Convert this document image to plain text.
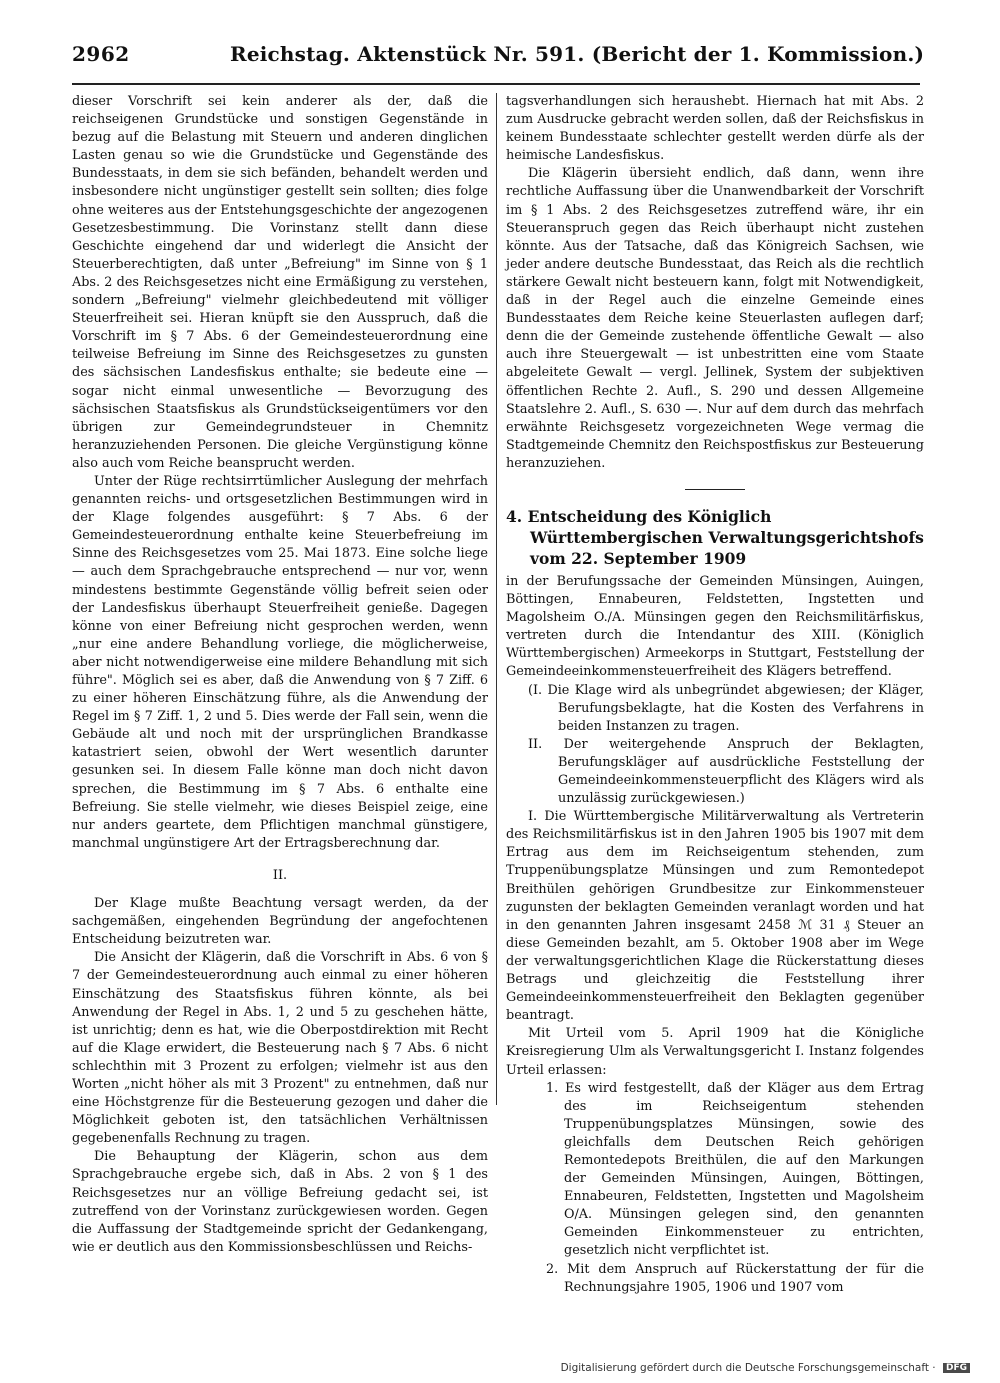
2962	Reichstag. Aktenstück Nr. 591. (Bericht der 1. Kommission.)

dieser Vorschrift sei kein anderer als der, daß die reichseigenen Grundstücke und sonstigen Gegenstände in bezug auf die Belastung mit Steuern und anderen dinglichen Lasten genau so wie die Grundstücke und Gegenstände des Bundesstaats, in dem sie sich befänden, behandelt werden und insbesondere nicht ungünstiger gestellt sein sollten; dies folge ohne weiteres aus der Entstehungsgeschichte der angezogenen Gesetzesbestimmung. Die Vorinstanz stellt dann diese Geschichte eingehend dar und widerlegt die Ansicht der Steuerberechtigten, daß unter „Befreiung" im Sinne von § 1 Abs. 2 des Reichsgesetzes nicht eine Ermäßigung zu verstehen, sondern „Befreiung" vielmehr gleichbedeutend mit völliger Steuerfreiheit sei. Hieran knüpft sie den Ausspruch, daß die Vorschrift im § 7 Abs. 6 der Gemeindesteuerordnung eine teilweise Befreiung im Sinne des Reichsgesetzes zu gunsten des sächsischen Landesfiskus enthalte; sie bedeute eine — sogar nicht einmal unwesentliche — Bevorzugung des sächsischen Staatsfiskus als Grundstückseigentümers vor den übrigen zur Gemeindegrundsteuer in Chemnitz heranzuziehenden Personen. Die gleiche Vergünstigung könne also auch vom Reiche beansprucht werden.

Unter der Rüge rechtsirrtümlicher Auslegung der mehrfach genannten reichs- und ortsgesetzlichen Bestimmungen wird in der Klage folgendes ausgeführt: § 7 Abs. 6 der Gemeindesteuerordnung enthalte keine Steuerbefreiung im Sinne des Reichsgesetzes vom 25. Mai 1873. Eine solche liege — auch dem Sprachgebrauche entsprechend — nur vor, wenn mindestens bestimmte Gegenstände völlig befreit seien oder der Landesfiskus überhaupt Steuerfreiheit genieße. Dagegen könne von einer Befreiung nicht gesprochen werden, wenn „nur eine andere Behandlung vorliege, die möglicherweise, aber nicht notwendigerweise eine mildere Behandlung mit sich führe". Möglich sei es aber, daß die Anwendung von § 7 Ziff. 6 zu einer höheren Einschätzung führe, als die Anwendung der Regel im § 7 Ziff. 1, 2 und 5. Dies werde der Fall sein, wenn die Gebäude alt und noch mit der ursprünglichen Brandkasse katastriert seien, obwohl der Wert wesentlich darunter gesunken sei. In diesem Falle könne man doch nicht davon sprechen, die Bestimmung im § 7 Abs. 6 enthalte eine Befreiung. Sie stelle vielmehr, wie dieses Beispiel zeige, eine nur anders geartete, dem Pflichtigen manchmal günstigere, manchmal ungünstigere Art der Ertragsberechnung dar.

II.

Der Klage mußte Beachtung versagt werden, da der sachgemäßen, eingehenden Begründung der angefochtenen Entscheidung beizutreten war.

Die Ansicht der Klägerin, daß die Vorschrift in Abs. 6 von § 7 der Gemeindesteuerordnung auch einmal zu einer höheren Einschätzung des Staatsfiskus führen könnte, als bei Anwendung der Regel in Abs. 1, 2 und 5 zu geschehen hätte, ist unrichtig; denn es hat, wie die Oberpostdirektion mit Recht auf die Klage erwidert, die Besteuerung nach § 7 Abs. 6 nicht schlechthin mit 3 Prozent zu erfolgen; vielmehr ist aus den Worten „nicht höher als mit 3 Prozent" zu entnehmen, daß nur eine Höchstgrenze für die Besteuerung gezogen und daher die Möglichkeit geboten ist, den tatsächlichen Verhältnissen gegebenenfalls Rechnung zu tragen.

Die Behauptung der Klägerin, schon aus dem Sprachgebrauche ergebe sich, daß in Abs. 2 von § 1 des Reichsgesetzes nur an völlige Befreiung gedacht sei, ist zutreffend von der Vorinstanz zurückgewiesen worden. Gegen die Auffassung der Stadtgemeinde spricht der Gedankengang, wie er deutlich aus den Kommissionsbeschlüssen und Reichs-

tagsverhandlungen sich heraushebt. Hiernach hat mit Abs. 2 zum Ausdrucke gebracht werden sollen, daß der Reichsfiskus in keinem Bundesstaate schlechter gestellt werden dürfe als der heimische Landesfiskus.

Die Klägerin übersieht endlich, daß dann, wenn ihre rechtliche Auffassung über die Unanwendbarkeit der Vorschrift im § 1 Abs. 2 des Reichsgesetzes zutreffend wäre, ihr ein Steueranspruch gegen das Reich überhaupt nicht zustehen könnte. Aus der Tatsache, daß das Königreich Sachsen, wie jeder andere deutsche Bundesstaat, das Reich als die rechtlich stärkere Gewalt nicht besteuern kann, folgt mit Notwendigkeit, daß in der Regel auch die einzelne Gemeinde eines Bundesstaates dem Reiche keine Steuerlasten auflegen darf; denn die der Gemeinde zustehende öffentliche Gewalt — also auch ihre Steuergewalt — ist unbestritten eine vom Staate abgeleitete Gewalt — vergl. Jellinek, System der subjektiven öffentlichen Rechte 2. Aufl., S. 290 und dessen Allgemeine Staatslehre 2. Aufl., S. 630 —. Nur auf dem durch das mehrfach erwähnte Reichsgesetz vorgezeichneten Wege vermag die Stadtgemeinde Chemnitz den Reichspostfiskus zur Besteuerung heranzuziehen.

4. Entscheidung des Königlich Württembergischen Verwaltungsgerichtshofs vom 22. September 1909

in der Berufungssache der Gemeinden Münsingen, Auingen, Böttingen, Ennabeuren, Feldstetten, Ingstetten und Magolsheim O./A. Münsingen gegen den Reichsmilitärfiskus, vertreten durch die Intendantur des XIII. (Königlich Württembergischen) Armeekorps in Stuttgart, Feststellung der Gemeindeeinkommensteuerfreiheit des Klägers betreffend.

(I. Die Klage wird als unbegründet abgewiesen; der Kläger, Berufungsbeklagte, hat die Kosten des Verfahrens in beiden Instanzen zu tragen.

II. Der weitergehende Anspruch der Beklagten, Berufungskläger auf ausdrückliche Feststellung der Gemeindeeinkommensteuerpflicht des Klägers wird als unzulässig zurückgewiesen.)

I. Die Württembergische Militärverwaltung als Vertreterin des Reichsmilitärfiskus ist in den Jahren 1905 bis 1907 mit dem Ertrag aus dem im Reichseigentum stehenden, zum Truppenübungsplatze Münsingen und zum Remontedepot Breithülen gehörigen Grundbesitze zur Einkommensteuer zugunsten der beklagten Gemeinden veranlagt worden und hat in den genannten Jahren insgesamt 2458 ℳ 31 ₰ Steuer an diese Gemeinden bezahlt, am 5. Oktober 1908 aber im Wege der verwaltungsgerichtlichen Klage die Rückerstattung dieses Betrags und gleichzeitig die Feststellung ihrer Gemeindeeinkommensteuerfreiheit den Beklagten gegenüber beantragt.

Mit Urteil vom 5. April 1909 hat die Königliche Kreisregierung Ulm als Verwaltungsgericht I. Instanz folgendes Urteil erlassen:

1. Es wird festgestellt, daß der Kläger aus dem Ertrag des im Reichseigentum stehenden Truppenübungsplatzes Münsingen, sowie des gleichfalls dem Deutschen Reich gehörigen Remontedepots Breithülen, die auf den Markungen der Gemeinden Münsingen, Auingen, Böttingen, Ennabeuren, Feldstetten, Ingstetten und Magolsheim O/A. Münsingen gelegen sind, den genannten Gemeinden Einkommensteuer zu entrichten, gesetzlich nicht verpflichtet ist.

2. Mit dem Anspruch auf Rückerstattung der für die Rechnungsjahre 1905, 1906 und 1907 vom

Digitalisierung gefördert durch die Deutsche Forschungsgemeinschaft · DFG
